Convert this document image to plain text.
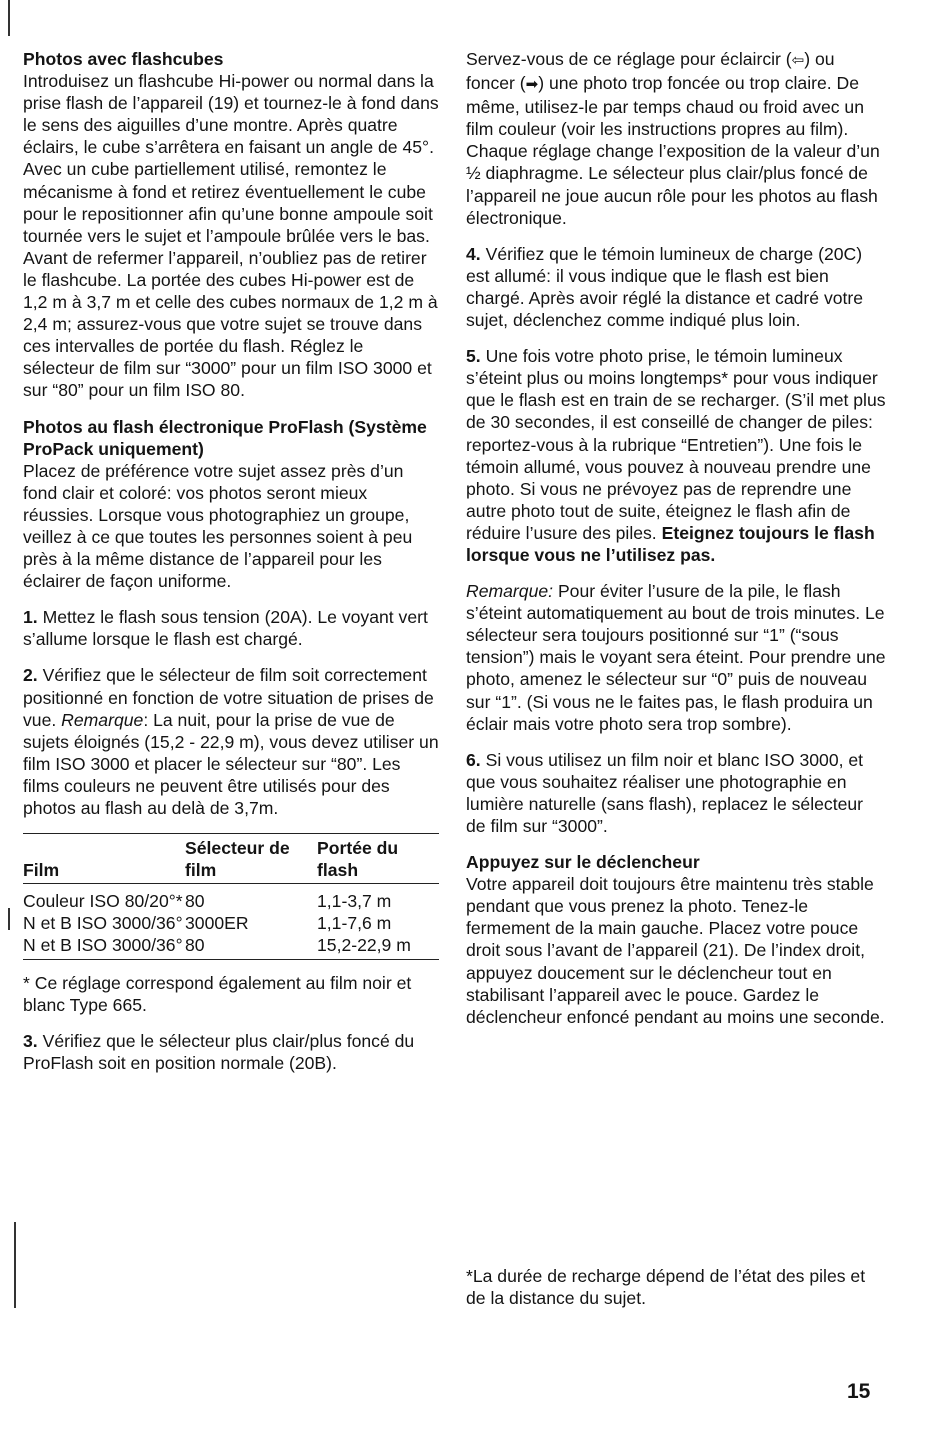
Photos avec flashcubes
Introduisez un flashcube Hi-power ou normal dans la prise flash de l’appareil (19) et tournez-le à fond dans le sens des aiguilles d’une montre. Après quatre éclairs, le cube s’arrêtera en faisant un angle de 45°. Avec un cube partiellement utilisé, remontez le mécanisme à fond et retirez éventuellement le cube pour le repositionner afin qu’une bonne ampoule soit tournée vers le sujet et l’ampoule brûlée vers le bas. Avant de refermer l’appareil, n’oubliez pas de retirer le flashcube. La portée des cubes Hi-power est de 1,2 m à 3,7 m et celle des cubes normaux de 1,2 m à 2,4 m; assurez-vous que votre sujet se trouve dans ces intervalles de portée du flash. Réglez le sélecteur de film sur “3000” pour un film ISO 3000 et sur “80” pour un film ISO 80.

Photos au flash électronique ProFlash (Système ProPack uniquement)
Placez de préférence votre sujet assez près d’un fond clair et coloré: vos photos seront mieux réussies. Lorsque vous photographiez un groupe, veillez à ce que toutes les personnes soient à peu près à la même distance de l’appareil pour les éclairer de façon uniforme.

1. Mettez le flash sous tension (20A). Le voyant vert s’allume lorsque le flash est chargé.

2. Vérifiez que le sélecteur de film soit correctement positionné en fonction de votre situation de prises de vue. Remarque: La nuit, pour la prise de vue de sujets éloignés (15,2 - 22,9 m), vous devez utiliser un film ISO 3000 et placer le sélecteur sur “80”. Les films couleurs ne peuvent être utilisés pour des photos au flash au delà de 3,7m.

Film	Sélecteur de film	Portée du flash
Couleur ISO 80/20°*	80	1,1-3,7 m
N et B ISO 3000/36°	3000ER	1,1-7,6 m
N et B ISO 3000/36°	80	15,2-22,9 m

* Ce réglage correspond également au film noir et blanc Type 665.

3. Vérifiez que le sélecteur plus clair/plus foncé du ProFlash soit en position normale (20B).

Servez-vous de ce réglage pour éclaircir (⇦) ou foncer (➡) une photo trop foncée ou trop claire. De même, utilisez-le par temps chaud ou froid avec un film couleur (voir les instructions propres au film). Chaque réglage change l’exposition de la valeur d’un ½ diaphragme. Le sélecteur plus clair/plus foncé de l’appareil ne joue aucun rôle pour les photos au flash électronique.

4. Vérifiez que le témoin lumineux de charge (20C) est allumé: il vous indique que le flash est bien chargé. Après avoir réglé la distance et cadré votre sujet, déclenchez comme indiqué plus loin.

5. Une fois votre photo prise, le témoin lumineux s’éteint plus ou moins longtemps* pour vous indiquer que le flash est en train de se recharger. (S’il met plus de 30 secondes, il est conseillé de changer de piles: reportez-vous à la rubrique “Entretien”). Une fois le témoin allumé, vous pouvez à nouveau prendre une photo. Si vous ne prévoyez pas de reprendre une autre photo tout de suite, éteignez le flash afin de réduire l’usure des piles. Eteignez toujours le flash lorsque vous ne l’utilisez pas.

Remarque: Pour éviter l’usure de la pile, le flash s’éteint automatiquement au bout de trois minutes. Le sélecteur sera toujours positionné sur “1” (“sous tension”) mais le voyant sera éteint. Pour prendre une photo, amenez le sélecteur sur “0” puis de nouveau sur “1”. (Si vous ne le faites pas, le flash produira un éclair mais votre photo sera trop sombre).

6. Si vous utilisez un film noir et blanc ISO 3000, et que vous souhaitez réaliser une photographie en lumière naturelle (sans flash), replacez le sélecteur de film sur “3000”.

Appuyez sur le déclencheur
Votre appareil doit toujours être maintenu très stable pendant que vous prenez la photo. Tenez-le fermement de la main gauche. Placez votre pouce droit sous l’avant de l’appareil (21). De l’index droit, appuyez doucement sur le déclencheur tout en stabilisant l’appareil avec le pouce. Gardez le déclencheur enfoncé pendant au moins une seconde.

*La durée de recharge dépend de l’état des piles et de la distance du sujet.
15
